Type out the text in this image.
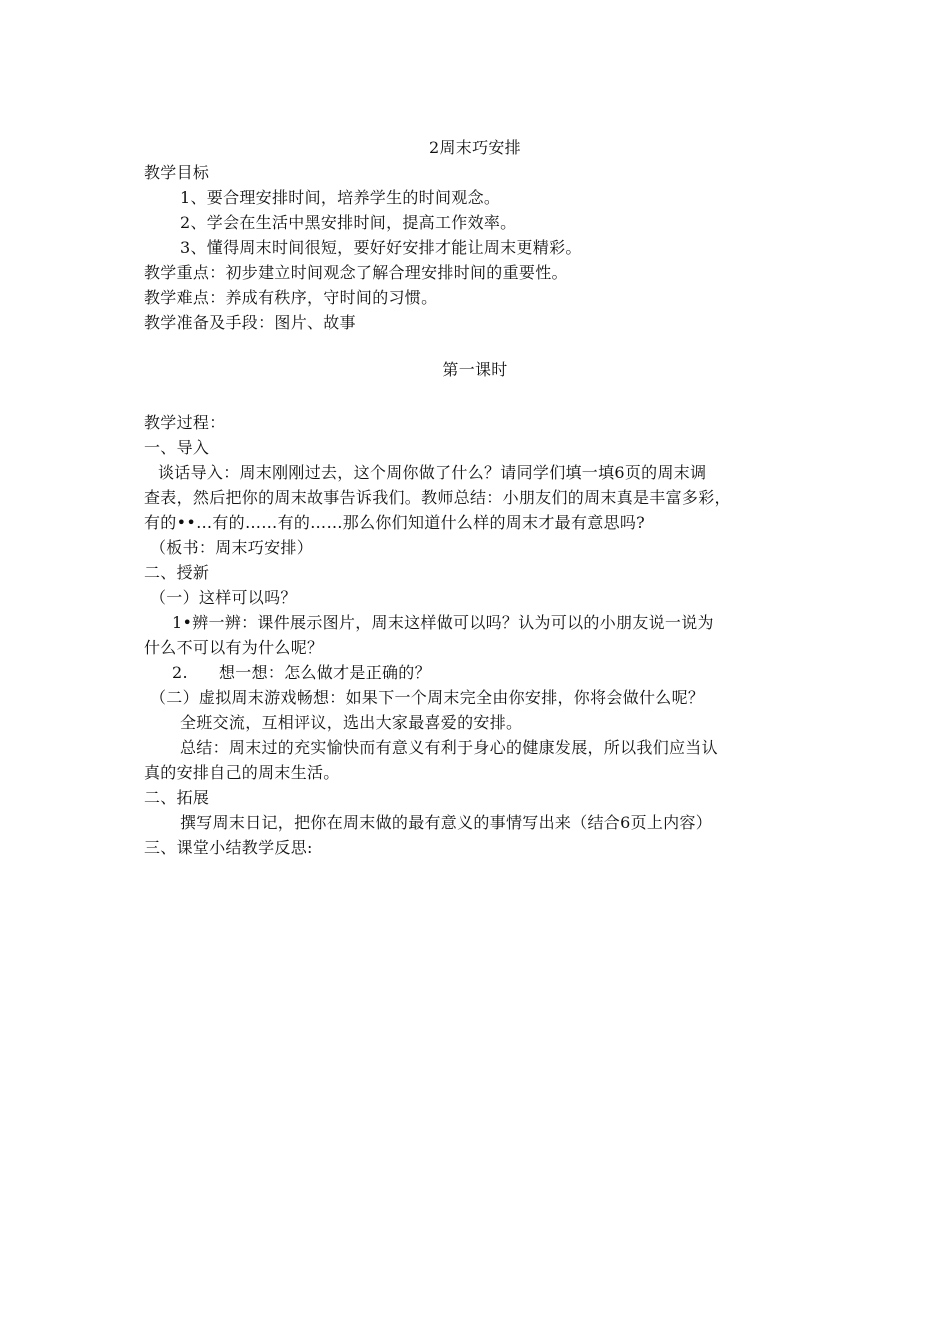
2周末巧安排
教学目标
1、要合理安排时间，培养学生的时间观念。
2、学会在生活中黑安排时间，提高工作效率。
3、懂得周末时间很短，要好好安排才能让周末更精彩。
教学重点：初步建立时间观念了解合理安排时间的重要性。
教学难点：养成有秩序，守时间的习惯。
教学准备及手段：图片、故事
第一课时
教学过程：
一、导入
谈话导入：周末刚刚过去，这个周你做了什么？请同学们填一填6页的周末调
查表，然后把你的周末故事告诉我们。教师总结：小朋友们的周末真是丰富多彩，
有的••…有的……有的……那么你们知道什么样的周末才最有意思吗?
（板书：周末巧安排）
二、授新
（一）这样可以吗？
1•辨一辨：课件展示图片，周末这样做可以吗？认为可以的小朋友说一说为
什么不可以有为什么呢？
2. 想一想：怎么做才是正确的？
（二）虚拟周末游戏畅想：如果下一个周末完全由你安排，你将会做什么呢？
全班交流，互相评议，选出大家最喜爱的安排。
总结：周末过的充实愉快而有意义有利于身心的健康发展，所以我们应当认
真的安排自己的周末生活。
二、拓展
撰写周末日记，把你在周末做的最有意义的事情写出来（结合6页上内容）
三、课堂小结教学反思:
